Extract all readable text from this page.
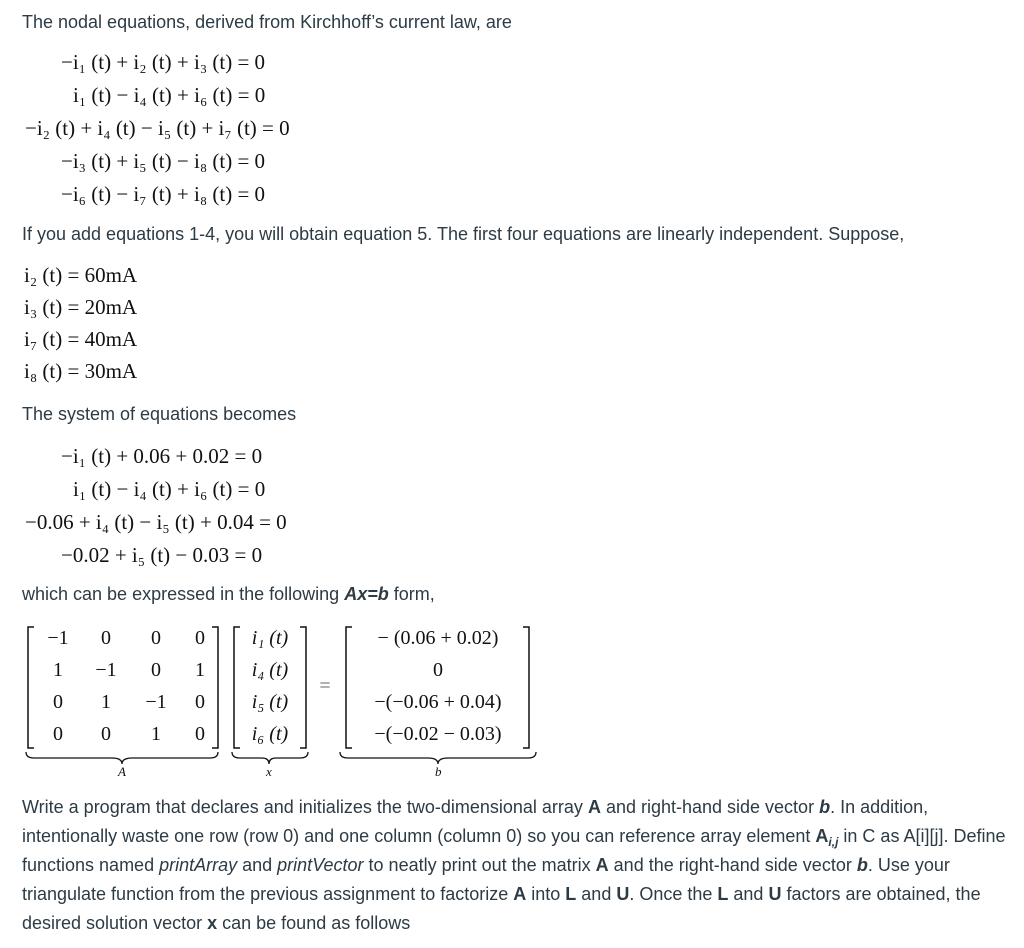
The nodal equations, derived from Kirchhoff’s current law, are
−i₁ (t) + i₂ (t) + i₃ (t) = 0
i₁ (t) − i₄ (t) + i₆ (t) = 0
−i₂ (t) + i₄ (t) − i₅ (t) + i₇ (t) = 0
−i₃ (t) + i₅ (t) − i₈ (t) = 0
−i₆ (t) − i₇ (t) + i₈ (t) = 0
If you add equations 1-4, you will obtain equation 5. The first four equations are linearly independent. Suppose,
i₂ (t) = 60mA
i₃ (t) = 20mA
i₇ (t) = 40mA
i₈ (t) = 30mA
The system of equations becomes
−i₁ (t) + 0.06 + 0.02 = 0
i₁ (t) − i₄ (t) + i₆ (t) = 0
−0.06 + i₄ (t) − i₅ (t) + 0.04 = 0
−0.02 + i₅ (t) − 0.03 = 0
which can be expressed in the following Ax=b form,
−1	0	0	0
1	−1	0	1
0	1	−1	0
0	0	1	0
i₁ (t)
i₄ (t)
i₅ (t)
i₆ (t)
=
− (0.06 + 0.02)
0
−(−0.06 + 0.04)
−(−0.02 − 0.03)
A	x	b
Write a program that declares and initializes the two-dimensional array A and right-hand side vector b. In addition, intentionally waste one row (row 0) and one column (column 0) so you can reference array element $A_{i,j}$ in C as A[i][j]. Define functions named printArray and printVector to neatly print out the matrix A and the right-hand side vector b. Use your triangulate function from the previous assignment to factorize A into L and U. Once the L and U factors are obtained, the desired solution vector x can be found as follows
